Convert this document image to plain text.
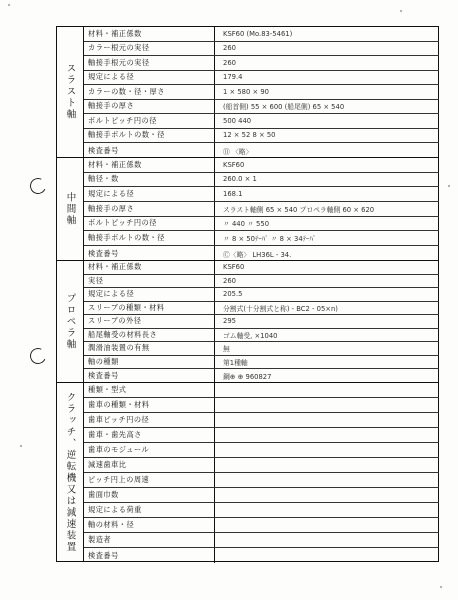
スラスト軸
材料・補正係数	KSF60 (Mo.83-5461)
カラー根元の実径	260
軸接手根元の実径	260
規定による径	179.4
カラーの数・径・厚さ	1 × 580 × 90
軸接手の厚さ	(船首側) 55 × 600 (船尾側) 65 × 540
ボルトピッチ円の径	500 440
軸接手ボルトの数・径	12 × 52 8 × 50
検査番号	⑪ 〈略〉
中間軸
材料・補正係数	KSF60
軸径・数	260.0 × 1
規定による径	168.1
軸接手の厚さ	スラスト軸側 65 × 540 プロペラ軸側 60 × 620
ボルトピッチ円の径	〃 440 〃 550
軸接手ボルトの数・径	〃 8 × 50ﾃｰﾊﾟ 〃 8 × 34ﾃｰﾊﾟ
検査番号	Ⓒ〈略〉 LH36L - 34.
プロペラ軸
材料・補正係数	KSF60
実径	260
規定による径	205.5
スリーブの種類・材料	分割式(十分割式と称) - BC2 - 05×n)
スリーブの外径	295
船尾軸受の材料長さ	ゴム軸受, ×1040
潤滑油装置の有無	無
軸の種類	第1種軸
検査番号	鋼⊕ ⊕ 960827
クラッチ、逆転機又は減速装置
種類・型式
歯車の種類・材料
歯車ピッチ円の径
歯車・歯先高さ
歯車のモジュール
減速歯車比
ピッチ円上の周速
歯面巾数
規定による荷重
軸の材料・径
製造者
検査番号
